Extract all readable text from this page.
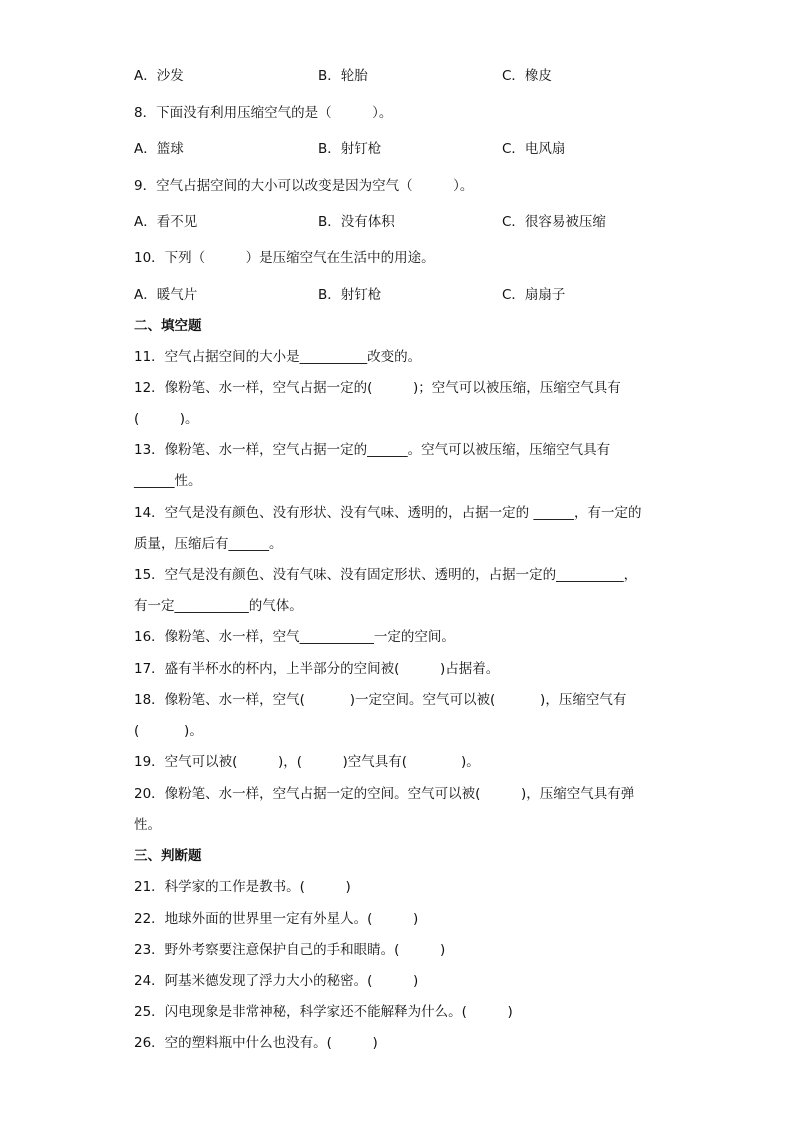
A．沙发	B．轮胎	C．橡皮
8．下面没有利用压缩空气的是（　　　）。
A．篮球	B．射钉枪	C．电风扇
9．空气占据空间的大小可以改变是因为空气（　　　）。
A．看不见	B．没有体积	C．很容易被压缩
10．下列（　　　）是压缩空气在生活中的用途。
A．暖气片	B．射钉枪	C．扇扇子
二、填空题
11．空气占据空间的大小是__________改变的。
12．像粉笔、水一样，空气占据一定的(　　　)；空气可以被压缩，压缩空气具有
(　　　)。
13．像粉笔、水一样，空气占据一定的______。空气可以被压缩，压缩空气具有
______性。
14．空气是没有颜色、没有形状、没有气味、透明的，占据一定的 ______，有一定的
质量，压缩后有______。
15．空气是没有颜色、没有气味、没有固定形状、透明的，占据一定的__________，
有一定___________的气体。
16．像粉笔、水一样，空气___________一定的空间。
17．盛有半杯水的杯内，上半部分的空间被(　　　)占据着。
18．像粉笔、水一样，空气(　　　 )一定空间。空气可以被(　　　 )，压缩空气有
(　　　 )。
19．空气可以被(　　　)，(　　　)空气具有(　　　　)。
20．像粉笔、水一样，空气占据一定的空间。空气可以被(　　　)，压缩空气具有弹
性。
三、判断题
21．科学家的工作是教书。(　　　)
22．地球外面的世界里一定有外星人。(　　　)
23．野外考察要注意保护自己的手和眼睛。(　　　)
24．阿基米德发现了浮力大小的秘密。(　　　)
25．闪电现象是非常神秘，科学家还不能解释为什么。(　　　)
26．空的塑料瓶中什么也没有。(　　　)
